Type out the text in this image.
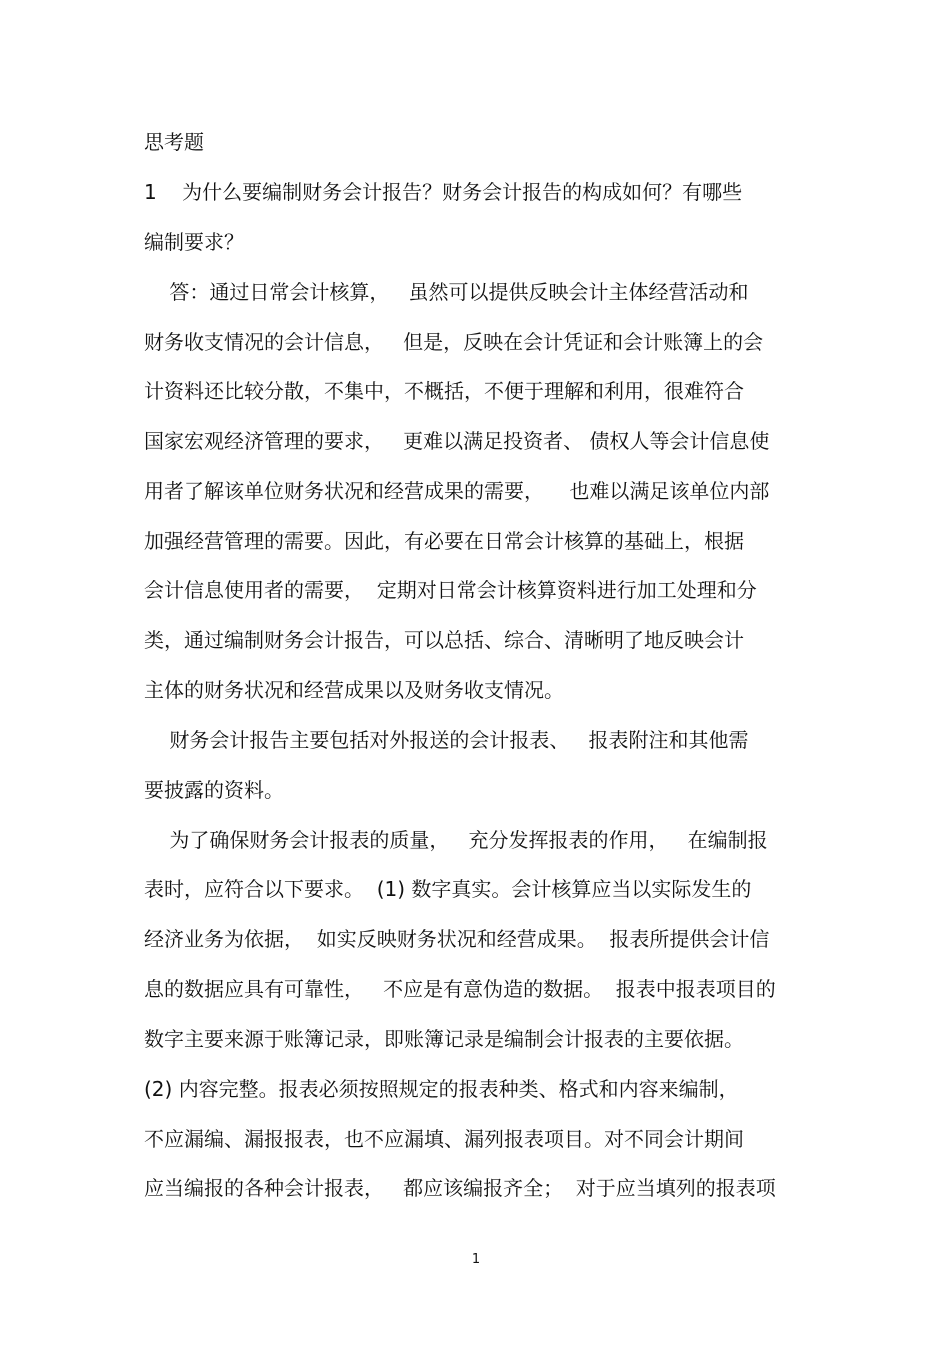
思考题
1    为什么要编制财务会计报告？财务会计报告的构成如何？有哪些
编制要求？
答：通过日常会计核算，   虽然可以提供反映会计主体经营活动和
财务收支情况的会计信息，   但是，反映在会计凭证和会计账簿上的会
计资料还比较分散，不集中，不概括，不便于理解和利用，很难符合
国家宏观经济管理的要求，   更难以满足投资者、 债权人等会计信息使
用者了解该单位财务状况和经营成果的需要，    也难以满足该单位内部
加强经营管理的需要。因此，有必要在日常会计核算的基础上，根据
会计信息使用者的需要，  定期对日常会计核算资料进行加工处理和分
类，通过编制财务会计报告，可以总括、综合、清晰明了地反映会计
主体的财务状况和经营成果以及财务收支情况。
财务会计报告主要包括对外报送的会计报表、   报表附注和其他需
要披露的资料。
为了确保财务会计报表的质量，   充分发挥报表的作用，   在编制报
表时，应符合以下要求。  (1) 数字真实。会计核算应当以实际发生的
经济业务为依据，  如实反映财务状况和经营成果。  报表所提供会计信
息的数据应具有可靠性，   不应是有意伪造的数据。  报表中报表项目的
数字主要来源于账簿记录，即账簿记录是编制会计报表的主要依据。
(2) 内容完整。报表必须按照规定的报表种类、格式和内容来编制，
不应漏编、漏报报表，也不应漏填、漏列报表项目。对不同会计期间
应当编报的各种会计报表，   都应该编报齐全；  对于应当填列的报表项
1
